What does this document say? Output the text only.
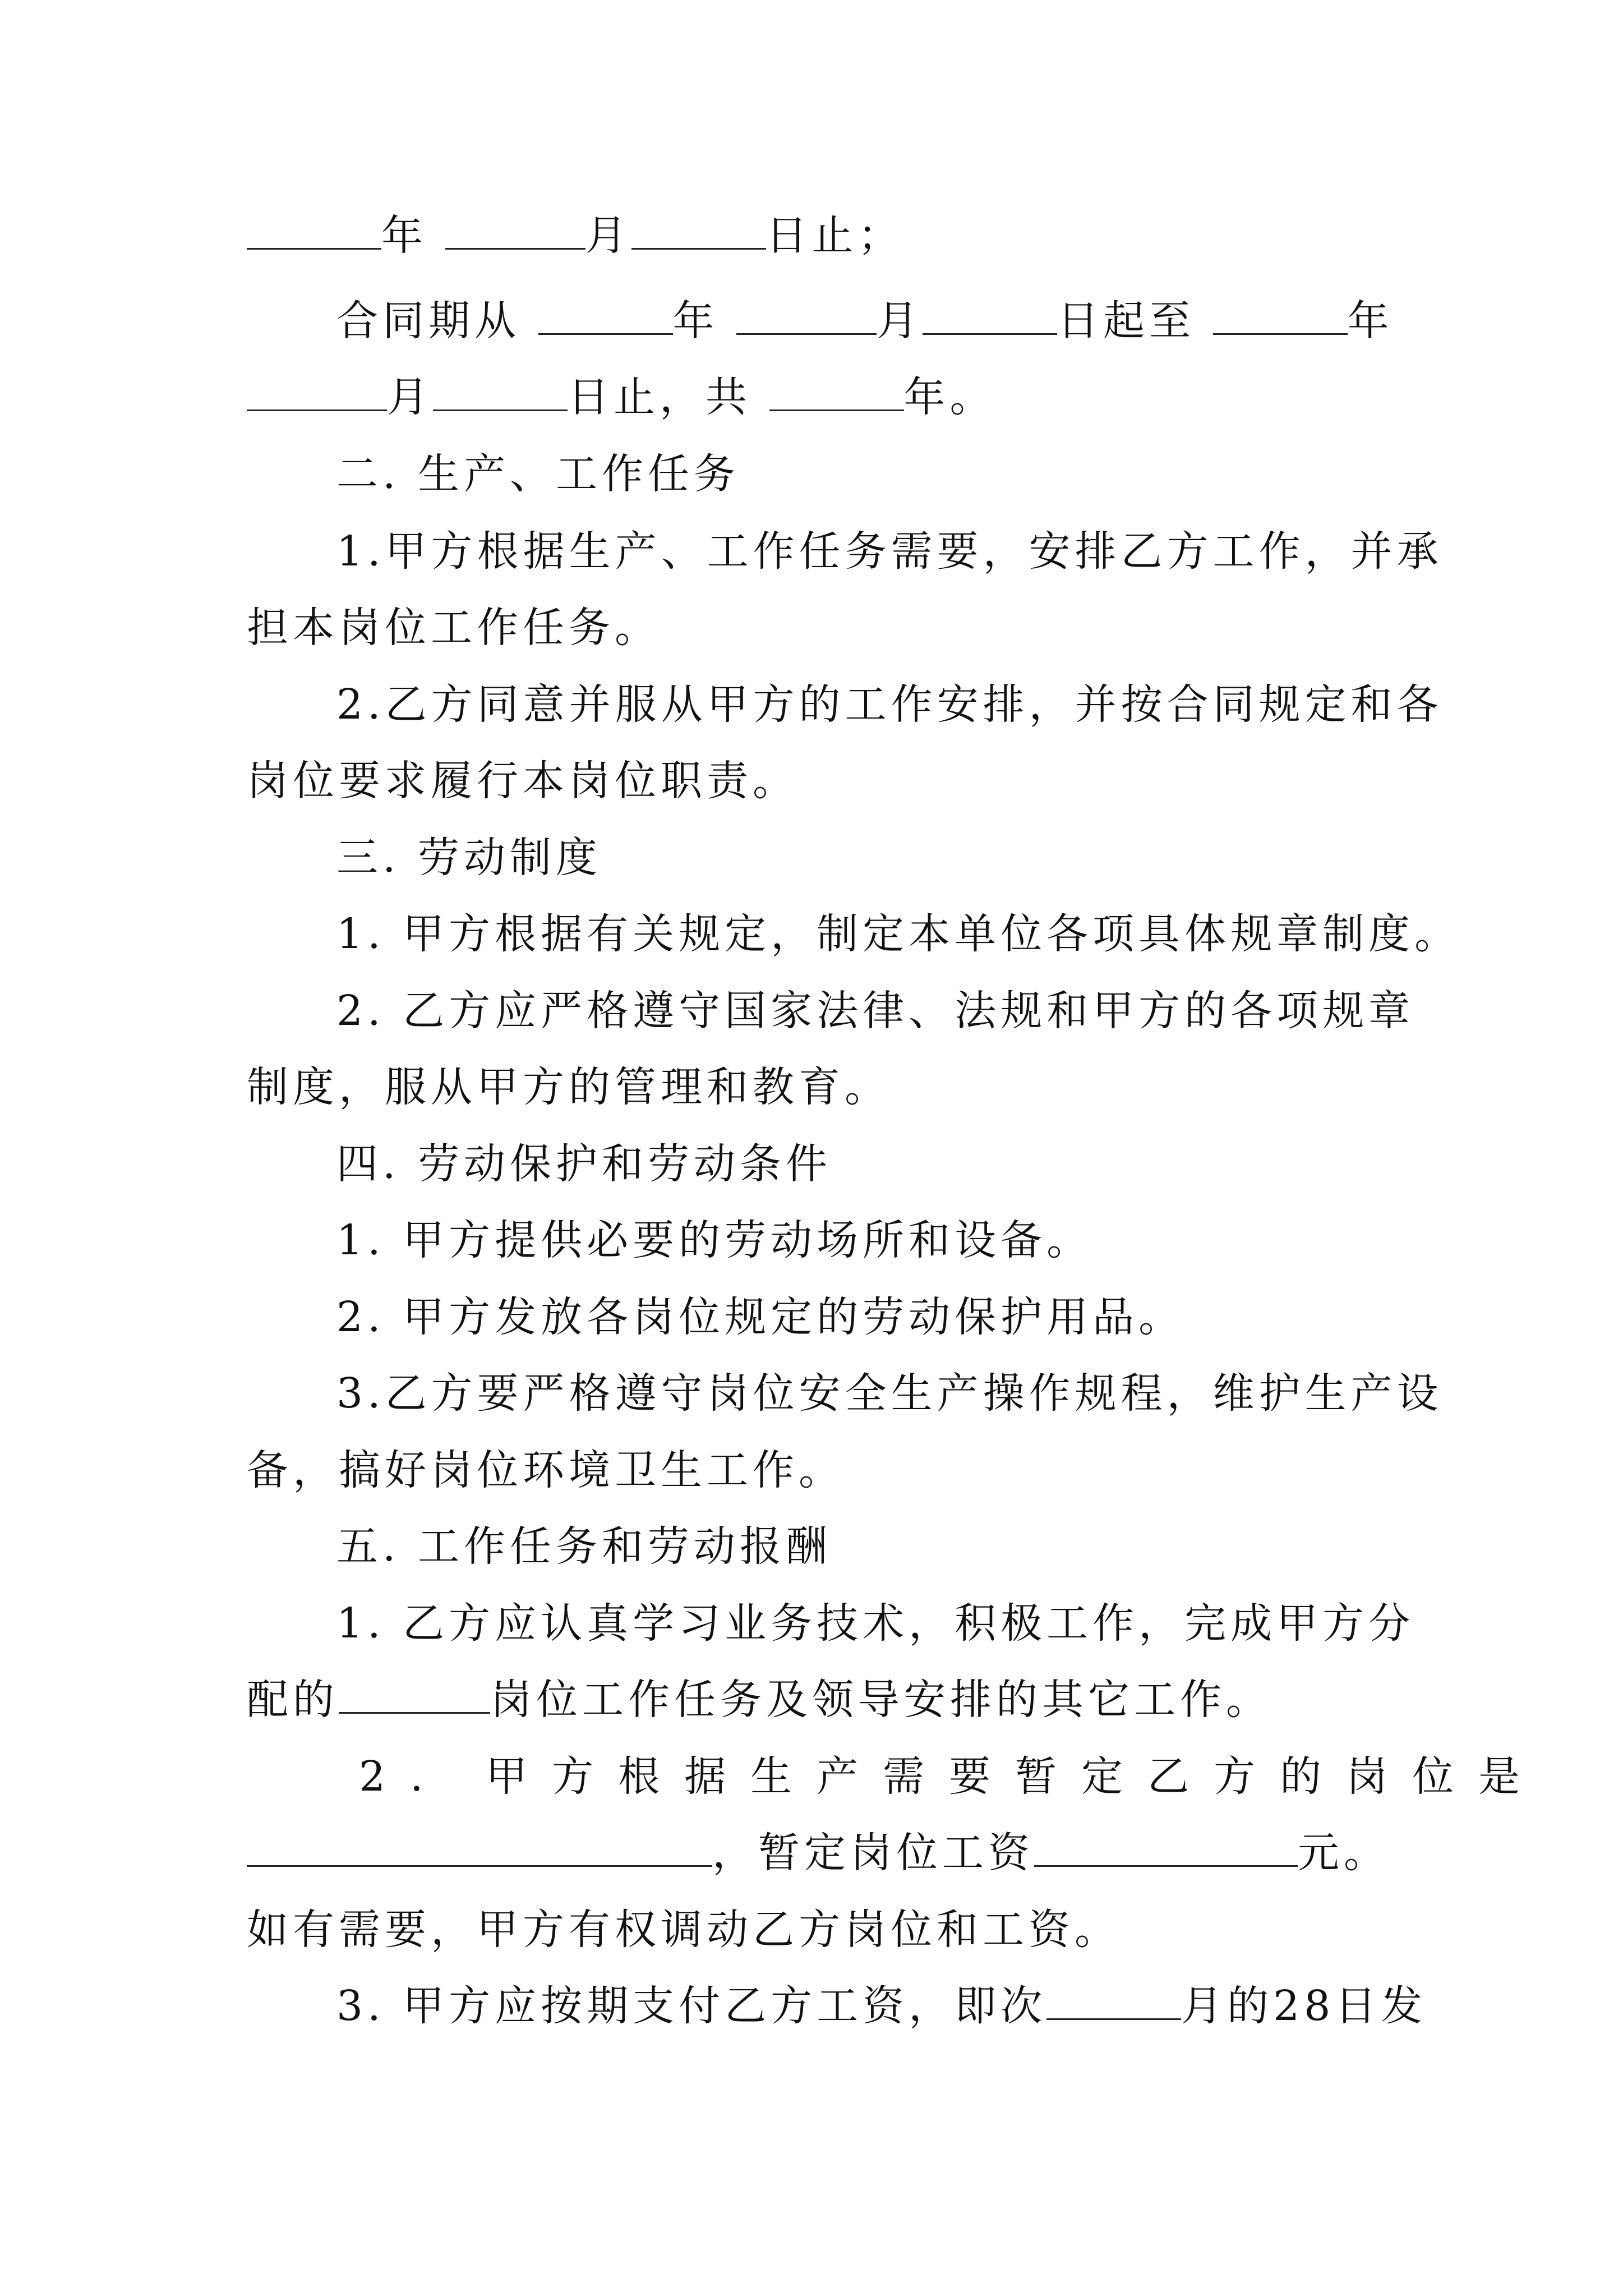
年	月	日止；
合同期从	年	月	日起至	年
月	日止，共	年。
二. 生产、工作任务
1.甲方根据生产、工作任务需要，安排乙方工作，并承
担本岗位工作任务。
2.乙方同意并服从甲方的工作安排，并按合同规定和各
岗位要求履行本岗位职责。
三. 劳动制度
1. 甲方根据有关规定，制定本单位各项具体规章制度。
2. 乙方应严格遵守国家法律、法规和甲方的各项规章
制度，服从甲方的管理和教育。
四. 劳动保护和劳动条件
1. 甲方提供必要的劳动场所和设备。
2. 甲方发放各岗位规定的劳动保护用品。
3.乙方要严格遵守岗位安全生产操作规程，维护生产设
备，搞好岗位环境卫生工作。
五. 工作任务和劳动报酬
1. 乙方应认真学习业务技术，积极工作，完成甲方分
配的	岗位工作任务及领导安排的其它工作。
2. 甲方根据生产需要暂定乙方的岗位是
，暂定岗位工资	元。
如有需要，甲方有权调动乙方岗位和工资。
3. 甲方应按期支付乙方工资，即次	月的28日发
